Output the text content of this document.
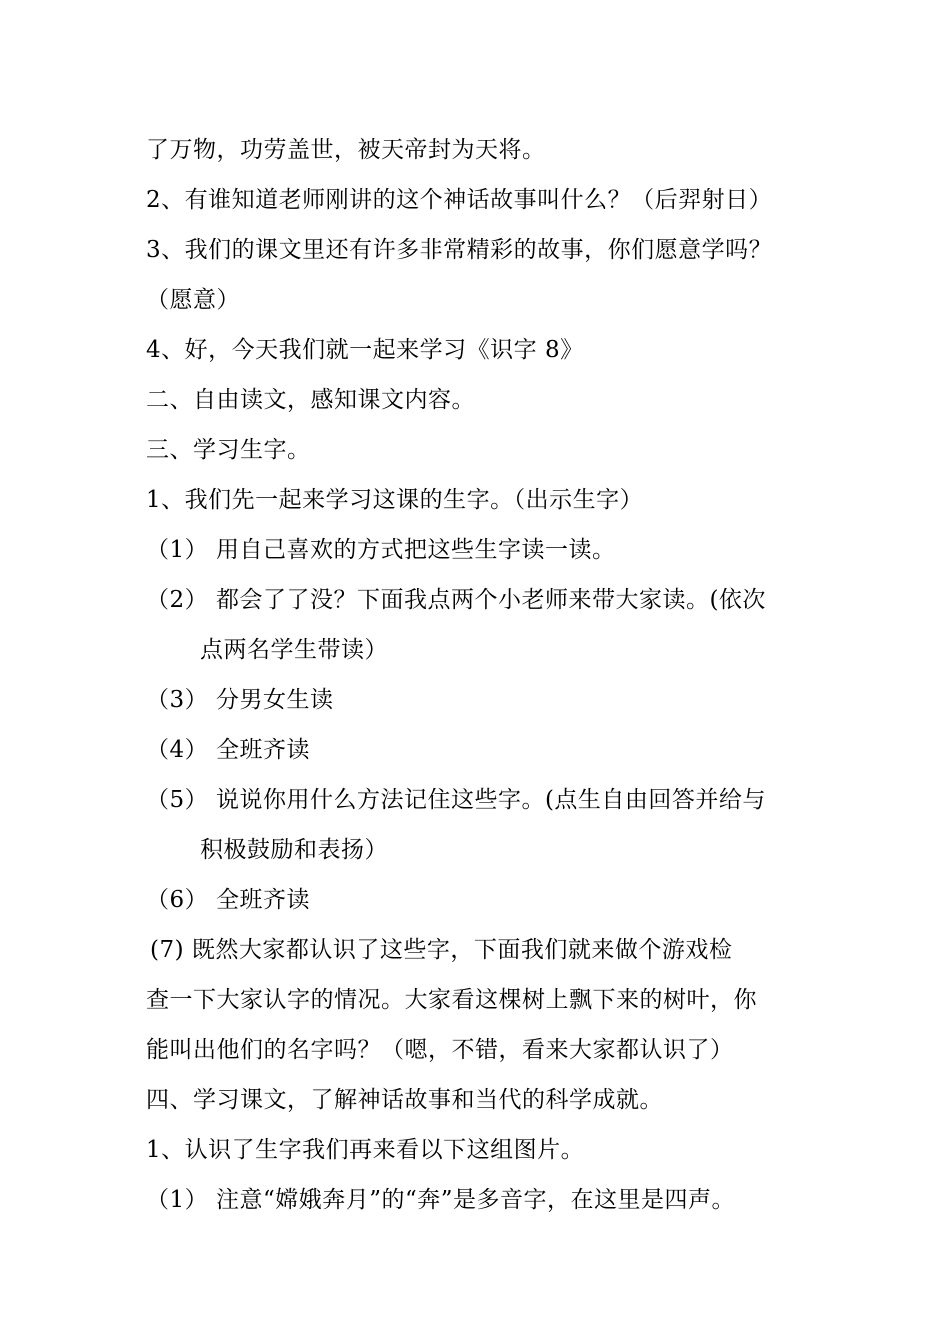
了万物，功劳盖世，被天帝封为天将。
2、有谁知道老师刚讲的这个神话故事叫什么？（后羿射日）
3、我们的课文里还有许多非常精彩的故事，你们愿意学吗？
（愿意）
4、好，今天我们就一起来学习《识字 8》
二、自由读文，感知课文内容。
三、学习生字。
1、我们先一起来学习这课的生字。（出示生字）
（1） 用自己喜欢的方式把这些生字读一读。
（2） 都会了了没？下面我点两个小老师来带大家读。(依次
点两名学生带读）
（3） 分男女生读
（4） 全班齐读
（5） 说说你用什么方法记住这些字。(点生自由回答并给与
积极鼓励和表扬）
（6） 全班齐读
(7) 既然大家都认识了这些字，下面我们就来做个游戏检
查一下大家认字的情况。大家看这棵树上飘下来的树叶，你
能叫出他们的名字吗？（嗯，不错，看来大家都认识了）
四、学习课文，了解神话故事和当代的科学成就。
1、认识了生字我们再来看以下这组图片。
（1） 注意“嫦娥奔月”的“奔”是多音字，在这里是四声。
